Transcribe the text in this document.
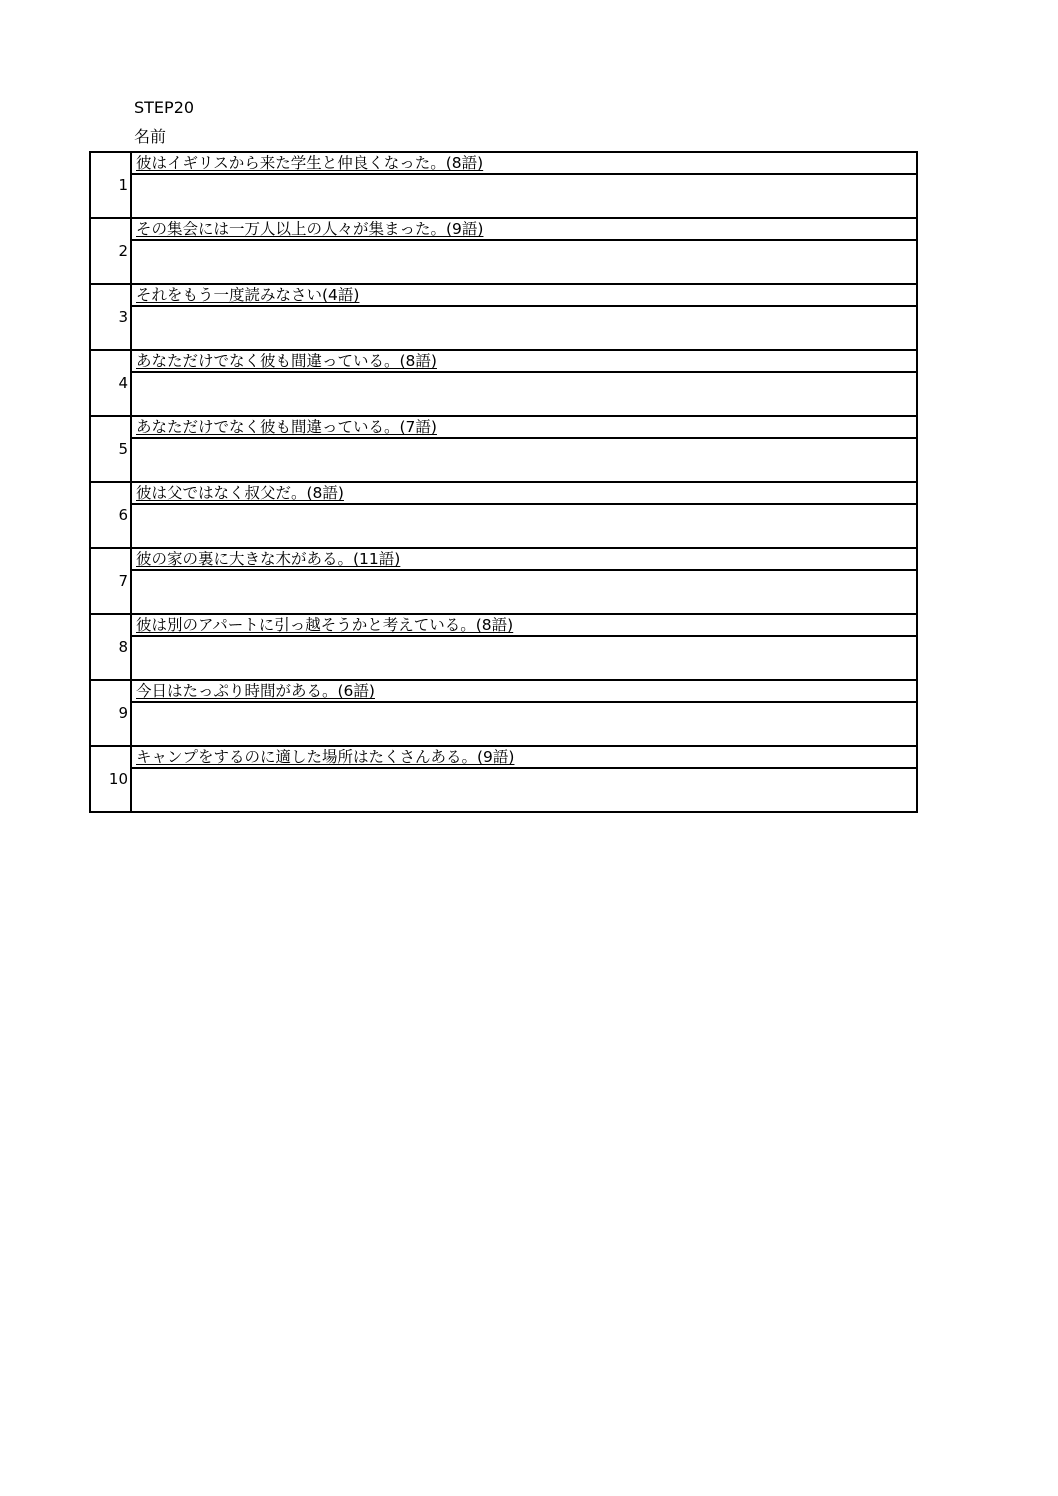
STEP20
名前
1	彼はイギリスから来た学生と仲良くなった。(8語)

2	その集会には一万人以上の人々が集まった。(9語)

3	それをもう一度読みなさい(4語)

4	あなただけでなく彼も間違っている。(8語)

5	あなただけでなく彼も間違っている。(7語)

6	彼は父ではなく叔父だ。(8語)

7	彼の家の裏に大きな木がある。(11語)

8	彼は別のアパートに引っ越そうかと考えている。(8語)

9	今日はたっぷり時間がある。(6語)

10	キャンプをするのに適した場所はたくさんある。(9語)
